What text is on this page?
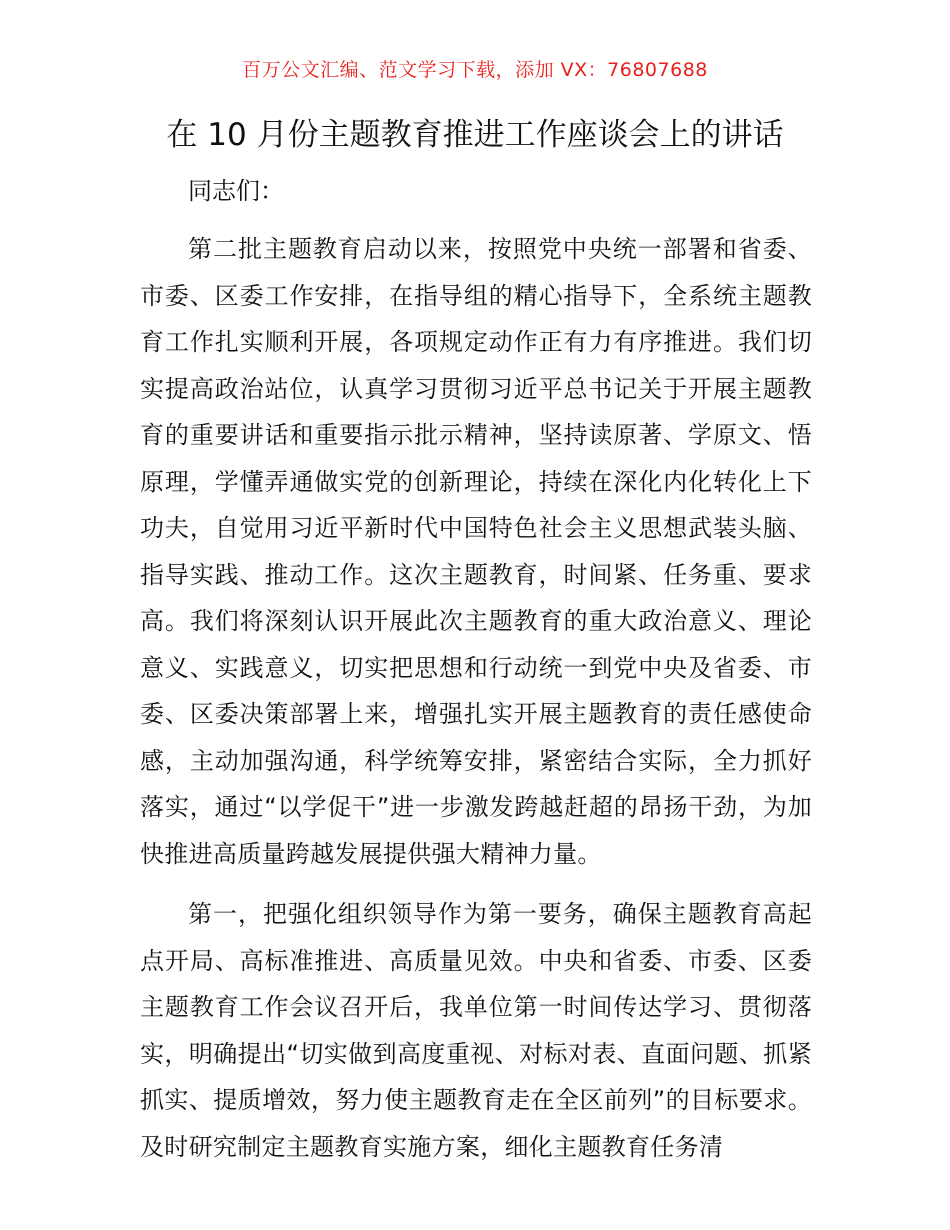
百万公文汇编、范文学习下载，添加 VX：76807688
在 10 月份主题教育推进工作座谈会上的讲话

同志们：

第二批主题教育启动以来，按照党中央统一部署和省委、市委、区委工作安排，在指导组的精心指导下，全系统主题教育工作扎实顺利开展，各项规定动作正有力有序推进。我们切实提高政治站位，认真学习贯彻习近平总书记关于开展主题教育的重要讲话和重要指示批示精神，坚持读原著、学原文、悟原理，学懂弄通做实党的创新理论，持续在深化内化转化上下功夫，自觉用习近平新时代中国特色社会主义思想武装头脑、指导实践、推动工作。这次主题教育，时间紧、任务重、要求高。我们将深刻认识开展此次主题教育的重大政治意义、理论意义、实践意义，切实把思想和行动统一到党中央及省委、市委、区委决策部署上来，增强扎实开展主题教育的责任感使命感，主动加强沟通，科学统筹安排，紧密结合实际，全力抓好落实，通过“以学促干”进一步激发跨越赶超的昂扬干劲，为加快推进高质量跨越发展提供强大精神力量。

第一，把强化组织领导作为第一要务，确保主题教育高起点开局、高标准推进、高质量见效。中央和省委、市委、区委主题教育工作会议召开后，我单位第一时间传达学习、贯彻落实，明确提出“切实做到高度重视、对标对表、直面问题、抓紧抓实、提质增效，努力使主题教育走在全区前列”的目标要求。及时研究制定主题教育实施方案，细化主题教育任务清
